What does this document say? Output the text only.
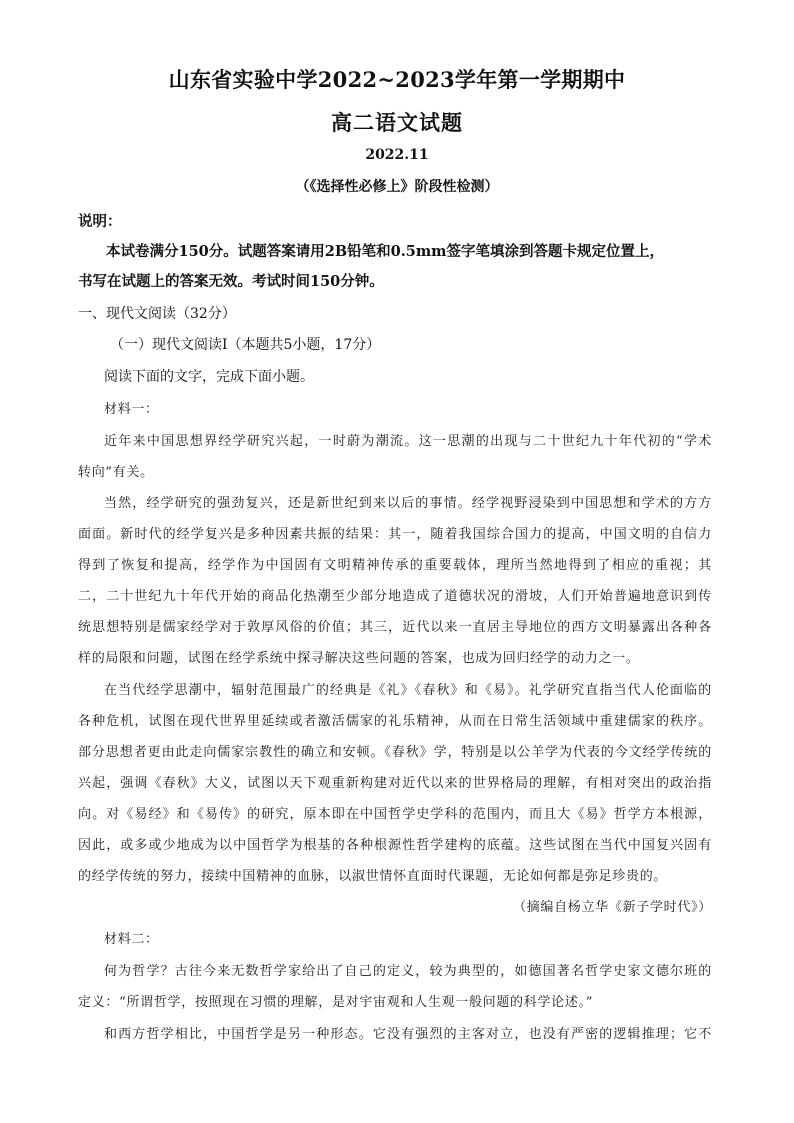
山东省实验中学2022~2023学年第一学期期中
高二语文试题
2022.11
（《选择性必修上》阶段性检测）
说明：
本试卷满分150分。试题答案请用2B铅笔和0.5mm签字笔填涂到答题卡规定位置上，
书写在试题上的答案无效。考试时间150分钟。
一、现代文阅读（32分）
（一）现代文阅读Ⅰ（本题共5小题，17分）
阅读下面的文字，完成下面小题。
材料一：
近年来中国思想界经学研究兴起，一时蔚为潮流。这一思潮的出现与二十世纪九十年代初的“学术
转向”有关。
当然，经学研究的强劲复兴，还是新世纪到来以后的事情。经学视野浸染到中国思想和学术的方方
面面。新时代的经学复兴是多种因素共振的结果：其一，随着我国综合国力的提高，中国文明的自信力
得到了恢复和提高，经学作为中国固有文明精神传承的重要载体，理所当然地得到了相应的重视；其
二，二十世纪九十年代开始的商品化热潮至少部分地造成了道德状况的滑坡，人们开始普遍地意识到传
统思想特别是儒家经学对于敦厚风俗的价值；其三，近代以来一直居主导地位的西方文明暴露出各种各
样的局限和问题，试图在经学系统中探寻解决这些问题的答案，也成为回归经学的动力之一。
在当代经学思潮中，辐射范围最广的经典是《礼》《春秋》和《易》。礼学研究直指当代人伦面临的
各种危机，试图在现代世界里延续或者激活儒家的礼乐精神，从而在日常生活领域中重建儒家的秩序。
部分思想者更由此走向儒家宗教性的确立和安顿。《春秋》学，特别是以公羊学为代表的今文经学传统的
兴起，强调《春秋》大义，试图以天下观重新构建对近代以来的世界格局的理解，有相对突出的政治指
向。对《易经》和《易传》的研究，原本即在中国哲学史学科的范围内，而且大《易》哲学方本根源，
因此，或多或少地成为以中国哲学为根基的各种根源性哲学建构的底蕴。这些试图在当代中国复兴固有
的经学传统的努力，接续中国精神的血脉，以淑世情怀直面时代课题，无论如何都是弥足珍贵的。
（摘编自杨立华《新子学时代》）
材料二：
何为哲学？古往今来无数哲学家给出了自己的定义，较为典型的，如德国著名哲学史家文德尔班的
定义：“所谓哲学，按照现在习惯的理解，是对宇宙观和人生观一般问题的科学论述。”
和西方哲学相比，中国哲学是另一种形态。它没有强烈的主客对立，也没有严密的逻辑推理；它不
